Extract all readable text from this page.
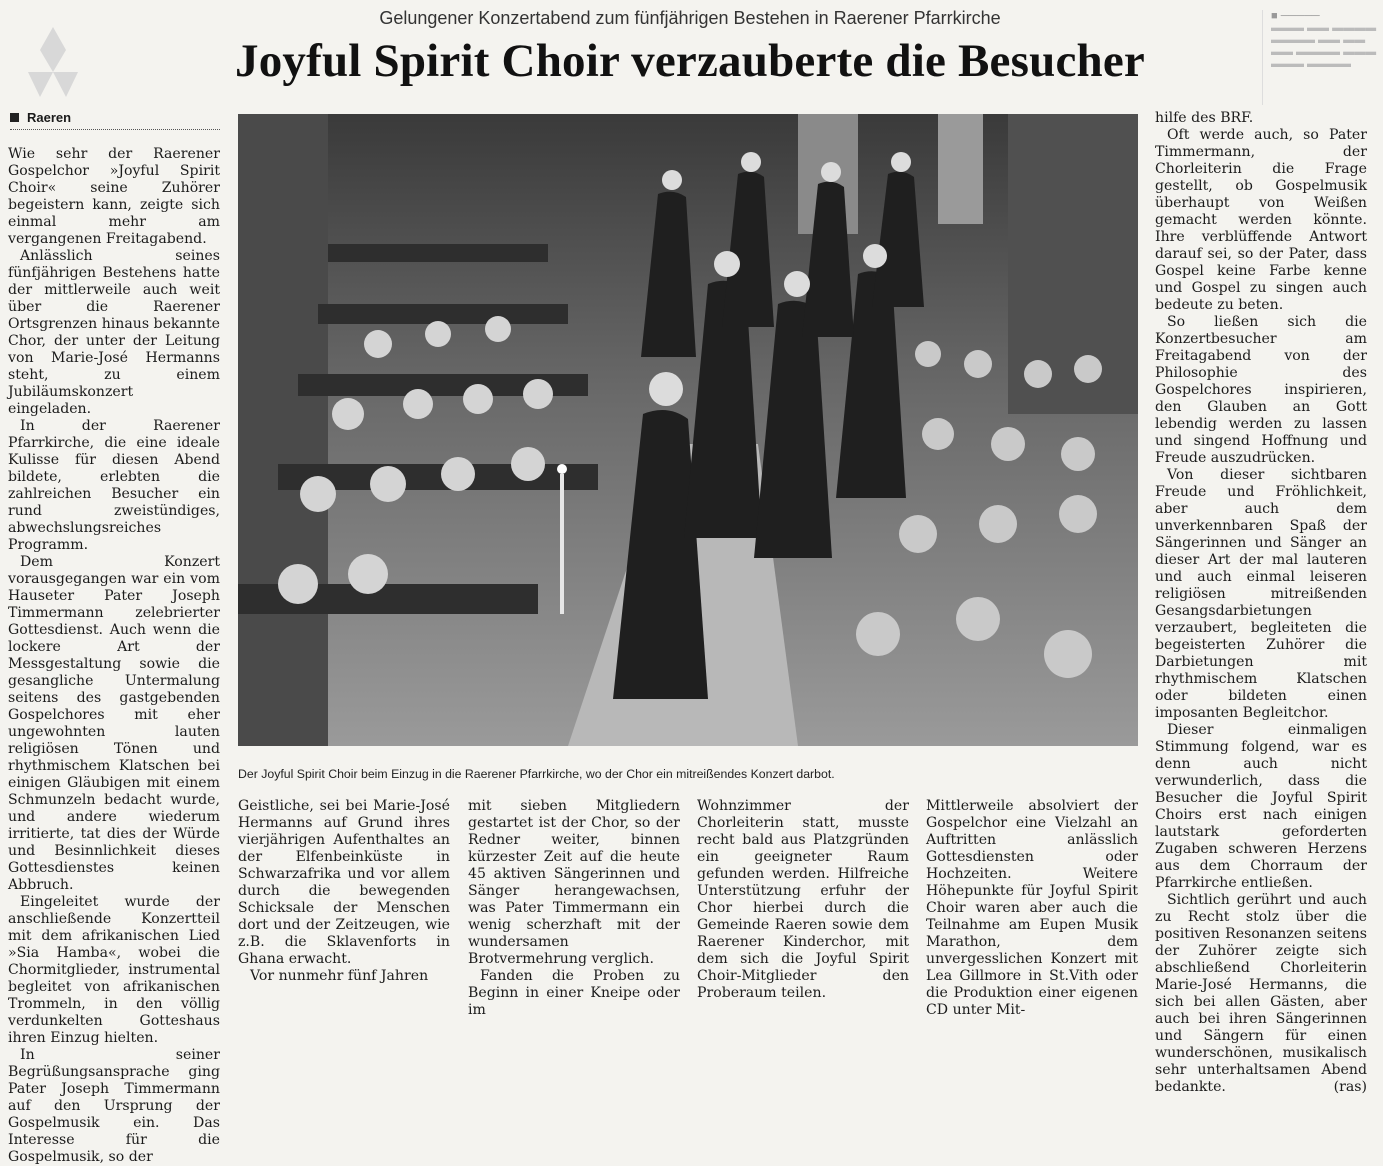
■ ─────
▬▬▬ ▬▬ ▬▬▬▬
▬▬▬▬ ▬▬ ▬▬
▬▬ ▬▬▬▬ ▬▬▬
▬▬▬ ▬▬▬▬
Gelungener Konzertabend zum fünfjährigen Bestehen in Raerener Pfarrkirche
Joyful Spirit Choir verzauberte die Besucher
Raeren

Wie sehr der Raerener Gospelchor »Joyful Spirit Choir« seine Zuhörer begeistern kann, zeigte sich einmal mehr am vergangenen Freitagabend.

Anlässlich seines fünfjährigen Bestehens hatte der mittlerweile auch weit über die Raerener Ortsgrenzen hinaus bekannte Chor, der unter der Leitung von Marie-José Hermanns steht, zu einem Jubiläumskonzert eingeladen.

In der Raerener Pfarrkirche, die eine ideale Kulisse für diesen Abend bildete, erlebten die zahlreichen Besucher ein rund zweistündiges, abwechslungsreiches Programm.

Dem Konzert vorausgegangen war ein vom Hauseter Pater Joseph Timmermann zelebrierter Gottesdienst. Auch wenn die lockere Art der Messgestaltung sowie die gesangliche Untermalung seitens des gastgebenden Gospelchores mit eher ungewohnten lauten religiösen Tönen und rhythmischem Klatschen bei einigen Gläubigen mit einem Schmunzeln bedacht wurde, und andere wiederum irritierte, tat dies der Würde und Besinnlichkeit dieses Gottesdienstes keinen Abbruch.

Eingeleitet wurde der anschließende Konzertteil mit dem afrikanischen Lied »Sia Hamba«, wobei die Chormitglieder, instrumental begleitet von afrikanischen Trommeln, in den völlig verdunkelten Gotteshaus ihren Einzug hielten.

In seiner Begrüßungsansprache ging Pater Joseph Timmermann auf den Ursprung der Gospelmusik ein. Das Interesse für die Gospelmusik, so der

Der Joyful Spirit Choir beim Einzug in die Raerener Pfarrkirche, wo der Chor ein mitreißendes Konzert darbot.

Geistliche, sei bei Marie-José Hermanns auf Grund ihres vierjährigen Aufenthaltes an der Elfenbeinküste in Schwarzafrika und vor allem durch die bewegenden Schicksale der Menschen dort und der Zeitzeugen, wie z.B. die Sklavenforts in Ghana erwacht.

Vor nunmehr fünf Jahren

mit sieben Mitgliedern gestartet ist der Chor, so der Redner weiter, binnen kürzester Zeit auf die heute 45 aktiven Sängerinnen und Sänger herangewachsen, was Pater Timmermann ein wenig scherzhaft mit der wundersamen Brotvermehrung verglich.

Fanden die Proben zu Beginn in einer Kneipe oder im

Wohnzimmer der Chorleiterin statt, musste recht bald aus Platzgründen ein geeigneter Raum gefunden werden. Hilfreiche Unterstützung erfuhr der Chor hierbei durch die Gemeinde Raeren sowie dem Raerener Kinderchor, mit dem sich die Joyful Spirit Choir-Mitglieder den Proberaum teilen.

Mittlerweile absolviert der Gospelchor eine Vielzahl an Auftritten anlässlich Gottesdiensten oder Hochzeiten. Weitere Höhepunkte für Joyful Spirit Choir waren aber auch die Teilnahme am Eupen Musik Marathon, dem unvergesslichen Konzert mit Lea Gillmore in St.Vith oder die Produktion einer eigenen CD unter Mit-

hilfe des BRF.

Oft werde auch, so Pater Timmermann, der Chorleiterin die Frage gestellt, ob Gospelmusik überhaupt von Weißen gemacht werden könnte. Ihre verblüffende Antwort darauf sei, so der Pater, dass Gospel keine Farbe kenne und Gospel zu singen auch bedeute zu beten.

So ließen sich die Konzertbesucher am Freitagabend von der Philosophie des Gospelchores inspirieren, den Glauben an Gott lebendig werden zu lassen und singend Hoffnung und Freude auszudrücken.

Von dieser sichtbaren Freude und Fröhlichkeit, aber auch dem unverkennbaren Spaß der Sängerinnen und Sänger an dieser Art der mal lauteren und auch einmal leiseren religiösen mitreißenden Gesangsdarbietungen verzaubert, begleiteten die begeisterten Zuhörer die Darbietungen mit rhythmischem Klatschen oder bildeten einen imposanten Begleitchor.

Dieser einmaligen Stimmung folgend, war es denn auch nicht verwunderlich, dass die Besucher die Joyful Spirit Choirs erst nach einigen lautstark geforderten Zugaben schweren Herzens aus dem Chorraum der Pfarrkirche entließen.

Sichtlich gerührt und auch zu Recht stolz über die positiven Resonanzen seitens der Zuhörer zeigte sich abschließend Chorleiterin Marie-José Hermanns, die sich bei allen Gästen, aber auch bei ihren Sängerinnen und Sängern für einen wunderschönen, musikalisch sehr unterhaltsamen Abend bedankte.	(ras)
